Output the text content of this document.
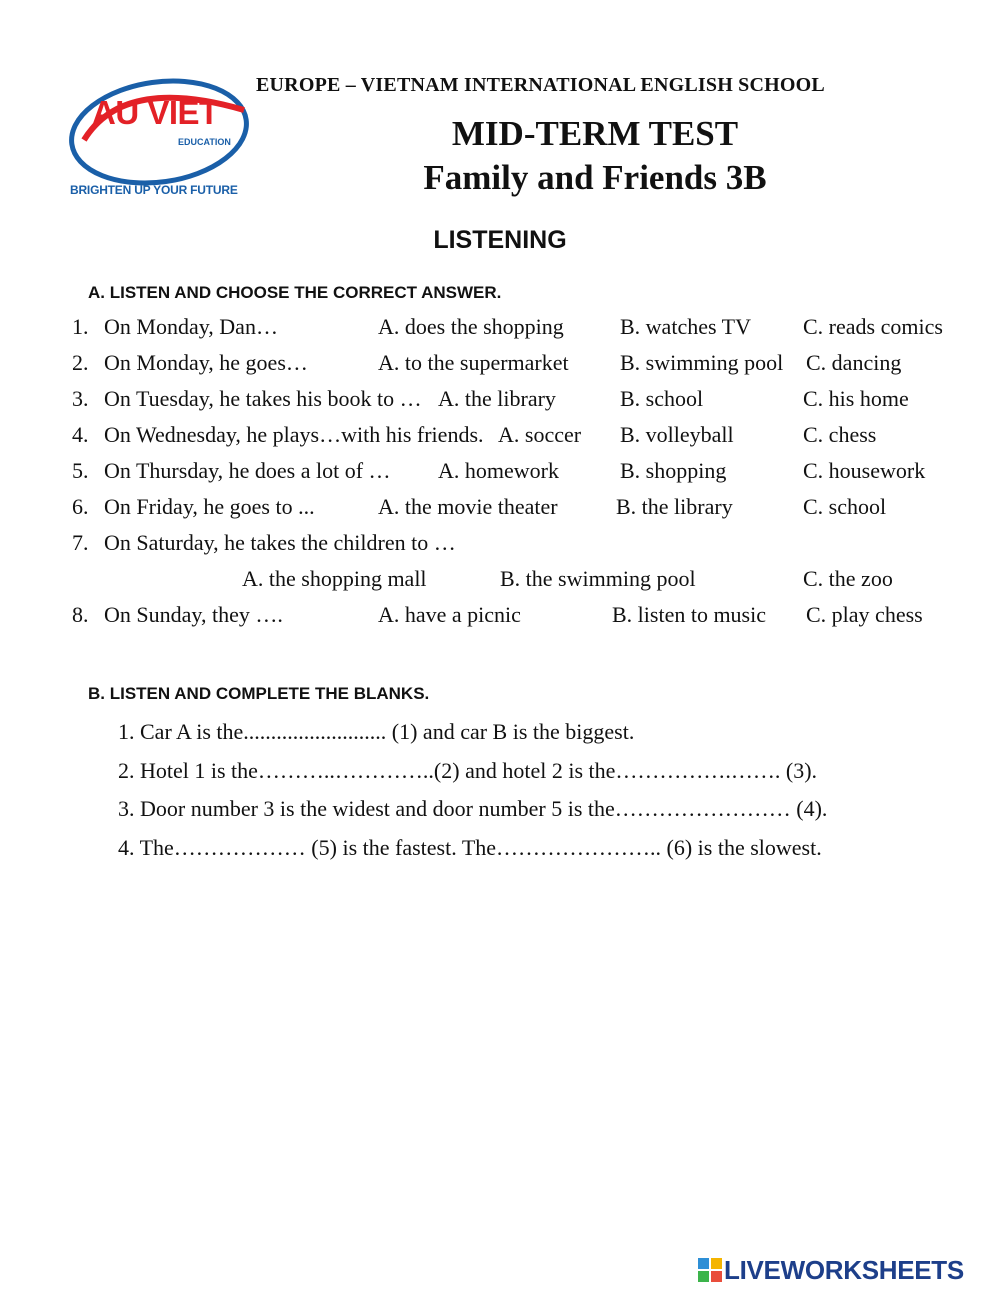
AU VIET
EDUCATION
BRIGHTEN UP YOUR FUTURE
EUROPE – VIETNAM INTERNATIONAL ENGLISH SCHOOL
MID-TERM TEST
Family and Friends 3B
LISTENING
A. LISTEN AND CHOOSE THE CORRECT ANSWER.
1. On Monday, Dan…	A. does the shopping	B. watches TV C. reads comics
2. On Monday, he goes…	A. to the supermarket B. swimming pool C. dancing
3. On Tuesday, he takes his book to … A. the library	B. school	C. his home
4. On Wednesday, he plays…with his friends. A. soccer B. volleyball	C. chess
5. On Thursday, he does a lot of … A. homework	B. shopping	C. housework
6. On Friday, he goes to ...	A. the movie theater	B. the library	C. school
7. On Saturday, he takes the children to …
A. the shopping mall	B. the swimming pool	C. the zoo
8. On Sunday, they ….	A. have a picnic	B. listen to music C. play chess
B. LISTEN AND COMPLETE THE BLANKS.
1. Car A is the.......................... (1) and car B is the biggest.
2. Hotel 1 is the………..…………..(2) and hotel 2 is the…………….……. (3).
3. Door number 3 is the widest and door number 5 is the…………………… (4).
4. The……………… (5) is the fastest. The………………….. (6) is the slowest.
LIVEWORKSHEETS
